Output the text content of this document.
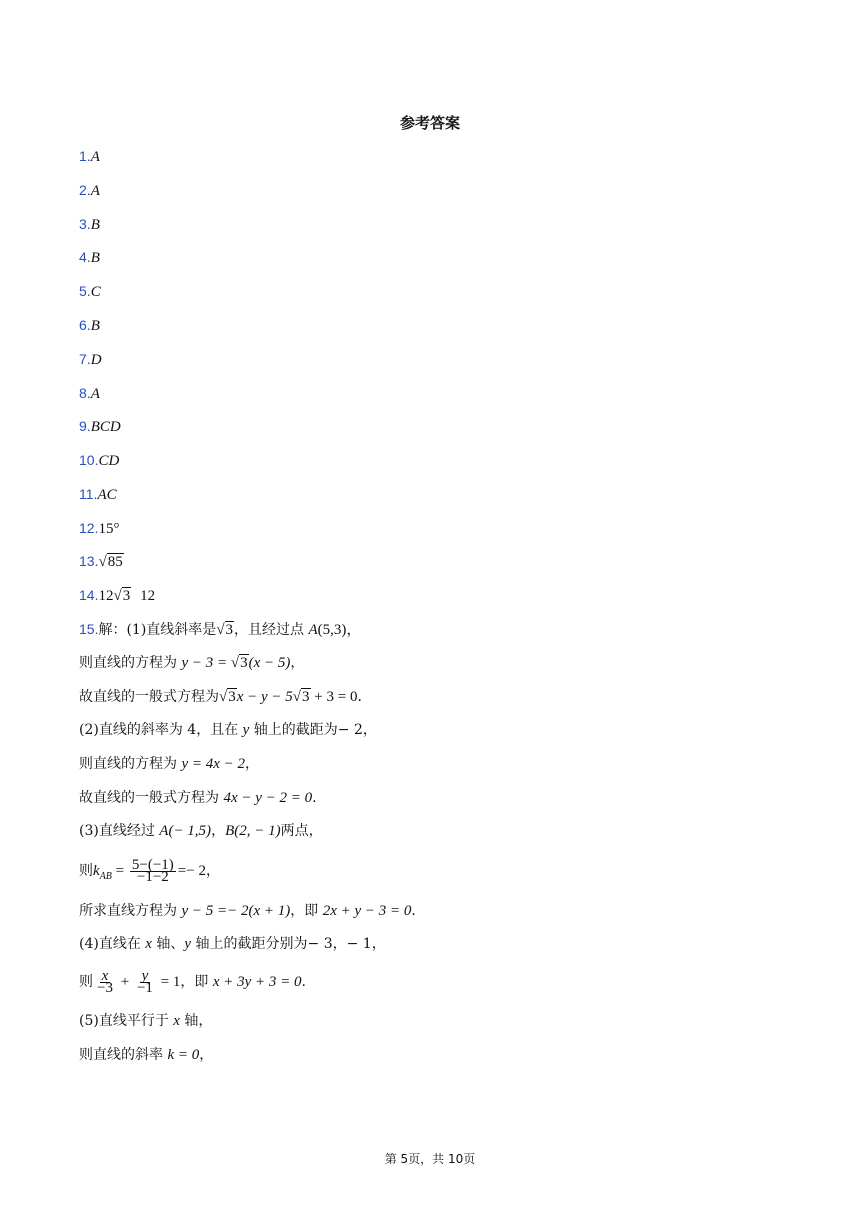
参考答案
1.A
2.A
3.B
4.B
5.C
6.B
7.D
8.A
9.BCD
10.CD
11.AC
12.15°
13.√85
14.12√3 12
15.解：(1)直线斜率是√3，且经过点 A(5,3)，
则直线的方程为 y − 3 = √3(x − 5)，
故直线的一般式方程为√3x − y − 5√3 + 3 = 0.
(2)直线的斜率为 4，且在 y 轴上的截距为− 2，
则直线的方程为 y = 4x − 2，
故直线的一般式方程为 4x − y − 2 = 0.
(3)直线经过 A(− 1,5)，B(2, − 1)两点，
则$k_{AB} = \frac{5-(-1)}{-1-2} =- 2$，
所求直线方程为 y − 5 =− 2(x + 1)，即 2x + y − 3 = 0.
(4)直线在 x 轴、y 轴上的截距分别为− 3，− 1，
则 $\frac{x}{-3} + \frac{y}{-1} = 1$，即 x + 3y + 3 = 0.
(5)直线平行于 x 轴，
则直线的斜率 k = 0，
第 5页，共 10页
